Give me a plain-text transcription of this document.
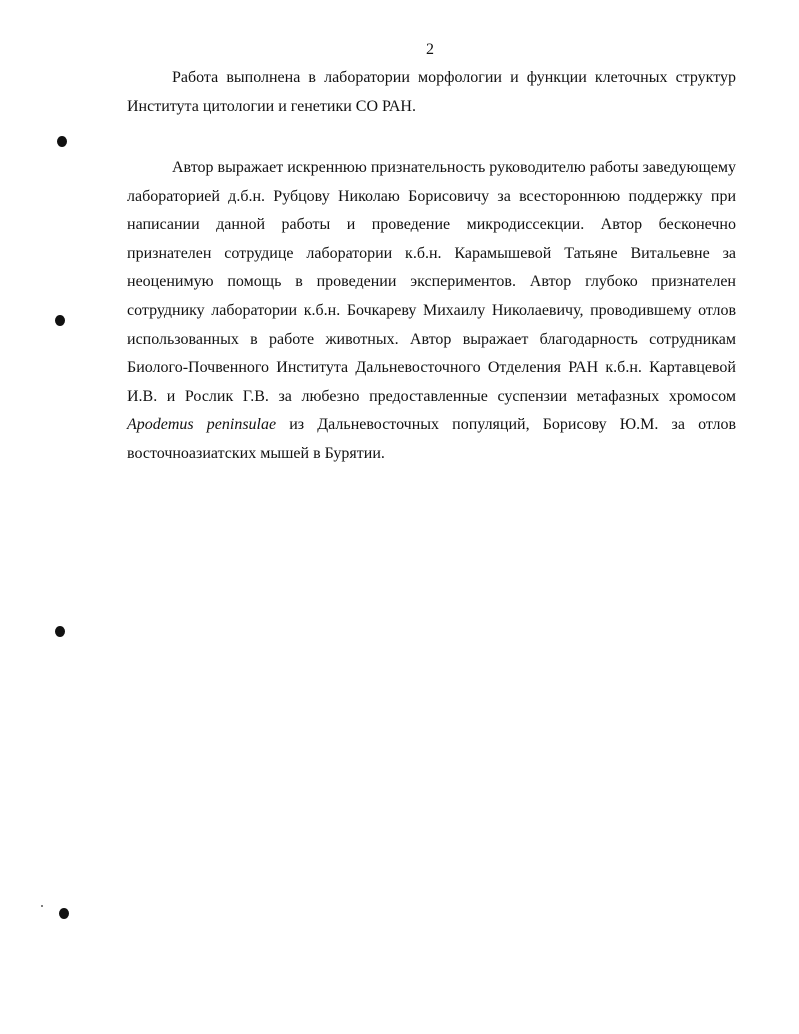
2

Работа выполнена в лаборатории морфологии и функции клеточных структур Института цитологии и генетики СО РАН.

Автор выражает искреннюю признательность руководителю работы заведующему лабораторией д.б.н. Рубцову Николаю Борисовичу за всестороннюю поддержку при написании данной работы и проведение микродиссекции. Автор бесконечно признателен сотрудице лаборатории к.б.н. Карамышевой Татьяне Витальевне за неоценимую помощь в проведении экспериментов. Автор глубоко признателен сотруднику лаборатории к.б.н. Бочкареву Михаилу Николаевичу, проводившему отлов использованных в работе животных. Автор выражает благодарность сотрудникам Биолого-Почвенного Института Дальневосточного Отделения РАН к.б.н. Картавцевой И.В. и Рослик Г.В. за любезно предоставленные суспензии метафазных хромосом Apodemus peninsulae из Дальневосточных популяций, Борисову Ю.М. за отлов восточноазиатских мышей в Бурятии.
